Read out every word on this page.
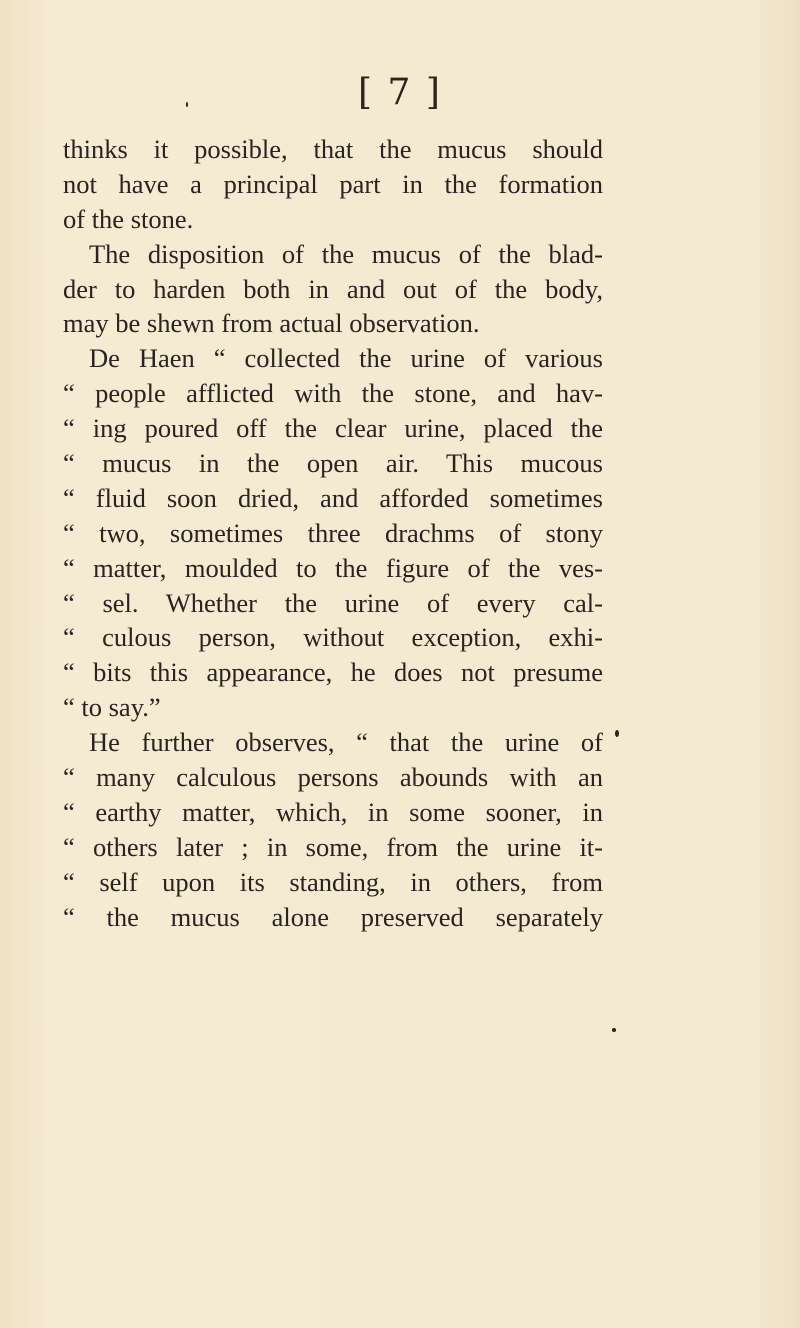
[ 7 ]
thinks it possible, that the mucus should
not have a principal part in the formation
of the stone.
The disposition of the mucus of the blad-
der to harden both in and out of the body,
may be shewn from actual observation.
De Haen “ collected the urine of various
“ people afflicted with the stone, and hav-
“ ing poured off the clear urine, placed the
“ mucus in the open air. This mucous
“ fluid soon dried, and afforded sometimes
“ two, sometimes three drachms of stony
“ matter, moulded to the figure of the ves-
“ sel. Whether the urine of every cal-
“ culous person, without exception, exhi-
“ bits this appearance, he does not presume
“ to say.”
He further observes, “ that the urine of
“ many calculous persons abounds with an
“ earthy matter, which, in some sooner, in
“ others later ; in some, from the urine it-
“ self upon its standing, in others, from
“ the mucus alone preserved separately
